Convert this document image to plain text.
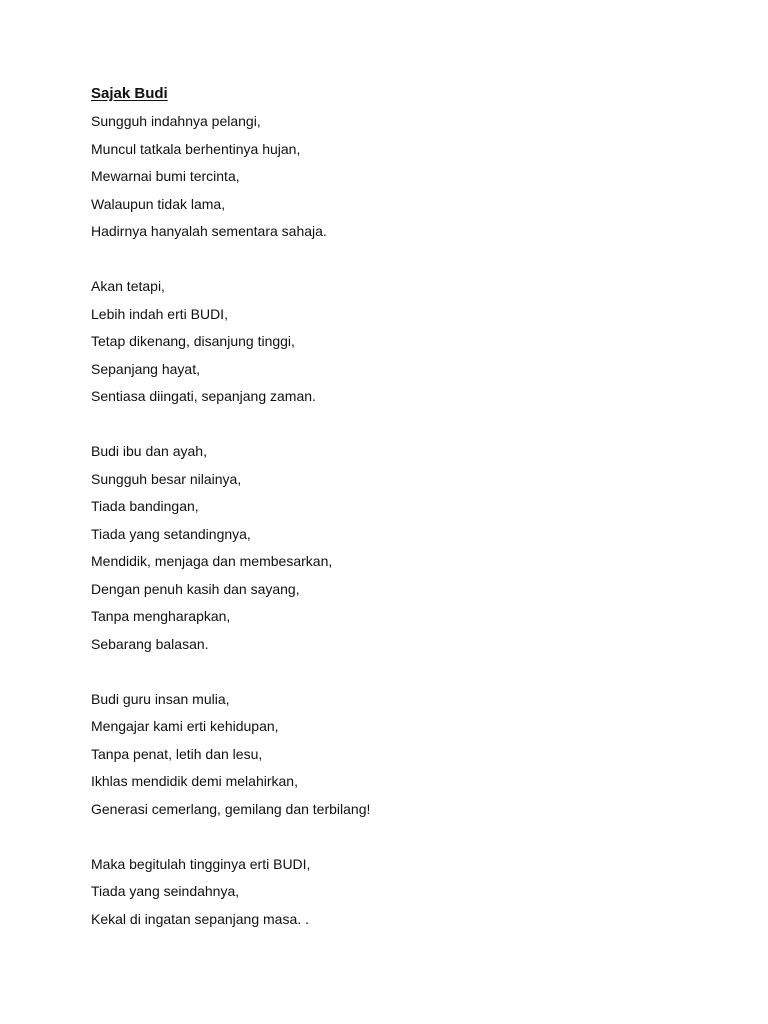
Sajak Budi
Sungguh indahnya pelangi,
Muncul tatkala berhentinya hujan,
Mewarnai bumi tercinta,
Walaupun tidak lama,
Hadirnya hanyalah sementara sahaja.
Akan tetapi,
Lebih indah erti BUDI,
Tetap dikenang, disanjung tinggi,
Sepanjang hayat,
Sentiasa diingati, sepanjang zaman.
Budi ibu dan ayah,
Sungguh besar nilainya,
Tiada bandingan,
Tiada yang setandingnya,
Mendidik, menjaga dan membesarkan,
Dengan penuh kasih dan sayang,
Tanpa mengharapkan,
Sebarang balasan.
Budi guru insan mulia,
Mengajar kami erti kehidupan,
Tanpa penat, letih dan lesu,
Ikhlas mendidik demi melahirkan,
Generasi cemerlang, gemilang dan terbilang!
Maka begitulah tingginya erti BUDI,
Tiada yang seindahnya,
Kekal di ingatan sepanjang masa. .
